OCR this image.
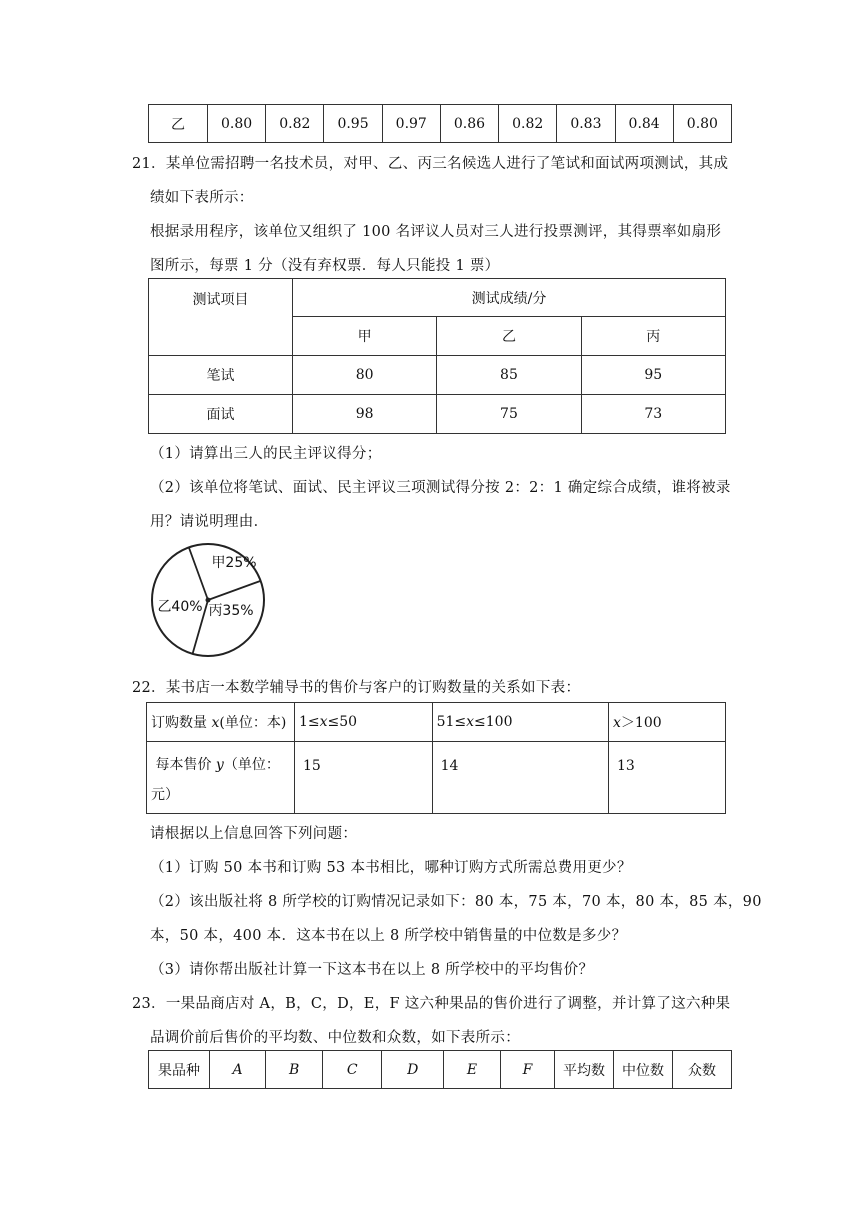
乙	0.80	0.82	0.95	0.97	0.86	0.82	0.83	0.84	0.80
21．某单位需招聘一名技术员，对甲、乙、丙三名候选人进行了笔试和面试两项测试，其成
绩如下表所示：
根据录用程序，该单位又组织了 100 名评议人员对三人进行投票测评，其得票率如扇形
图所示，每票 1 分（没有弃权票．每人只能投 1 票）
测试项目	测试成绩/分		
	甲	乙	丙
笔试	80	85	95
面试	98	75	73
（1）请算出三人的民主评议得分；
（2）该单位将笔试、面试、民主评议三项测试得分按 2：2：1 确定综合成绩，谁将被录
用？请说明理由．
甲25%
乙40% 丙35%
22．某书店一本数学辅导书的售价与客户的订购数量的关系如下表：
订购数量 x(单位：本)	1≤x≤50	51≤x≤100	x＞100
每本售价 y（单位：
元）	15	14	13
请根据以上信息回答下列问题：
（1）订购 50 本书和订购 53 本书相比，哪种订购方式所需总费用更少？
（2）该出版社将 8 所学校的订购情况记录如下：80 本，75 本，70 本，80 本，85 本，90
本，50 本，400 本．这本书在以上 8 所学校中销售量的中位数是多少？
（3）请你帮出版社计算一下这本书在以上 8 所学校中的平均售价？
23．一果品商店对 A，B，C，D，E，F 这六种果品的售价进行了调整，并计算了这六种果
品调价前后售价的平均数、中位数和众数，如下表所示：
果品种	A	B	C	D	E	F	平均数	中位数	众数
